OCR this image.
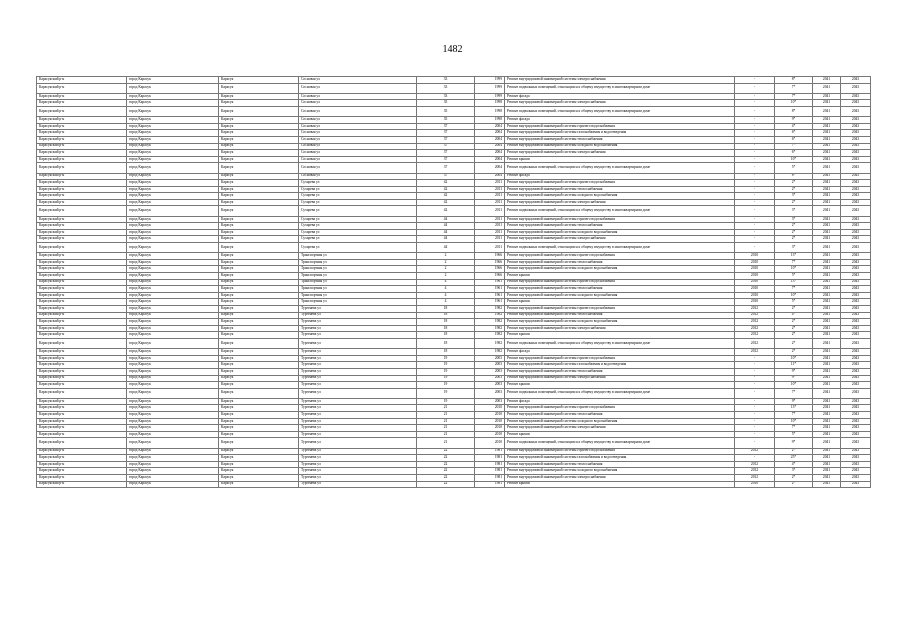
1482
Карасукский р-н	город Карасук	Карасук	Сосновая ул	33	1999	Ремонт внутридомовой инженерной системы электроснабжения	-	8*	2041	2043
Карасукский р-н	город Карасук	Карасук	Сосновая ул	33	1999	Ремонт подвальных помещений, относящихся к общему имуществу в многоквартирном доме	-	7*	2041	2043
Карасукский р-н	город Карасук	Карасук	Сосновая ул	33	1999	Ремонт фасада	-	7*	2041	2043
Карасукский р-н	город Карасук	Карасук	Сосновая ул	35	1998	Ремонт внутридомовой инженерной системы электроснабжения	-	10*	2041	2043
Карасукский р-н	город Карасук	Карасук	Сосновая ул	35	1998	Ремонт подвальных помещений, относящихся к общему имуществу в многоквартирном доме	-	8*	2041	2043
Карасукский р-н	город Карасук	Карасук	Сосновая ул	35	1998	Ремонт фасада	-	9*	2041	2043
Карасукский р-н	город Карасук	Карасук	Сосновая ул	37	2004	Ремонт внутридомовой инженерной системы горячего водоснабжения	-	4*	2041	2043
Карасукский р-н	город Карасук	Карасук	Сосновая ул	37	2004	Ремонт внутридомовой инженерной системы газоснабжения и водоотведения	-	6*	2041	2043
Карасукский р-н	город Карасук	Карасук	Сосновая ул	37	2004	Ремонт внутридомовой инженерной системы теплоснабжения	-	6*	2041	2043
Карасукский р-н	город Карасук	Карасук	Сосновая ул	37	2004	Ремонт внутридомовой инженерной системы холодного водоснабжения	-	7*	2041	2043
Карасукский р-н	город Карасук	Карасук	Сосновая ул	37	2004	Ремонт внутридомовой инженерной системы электроснабжения	-	6*	2041	2043
Карасукский р-н	город Карасук	Карасук	Сосновая ул	37	2004	Ремонт крыши	-	10*	2041	2043
Карасукский р-н	город Карасук	Карасук	Сосновая ул	37	2004	Ремонт подвальных помещений, относящихся к общему имуществу в многоквартирном доме	-	5*	2041	2043
Карасукский р-н	город Карасук	Карасук	Сосновая ул	37	2004	Ремонт фасада	-	8*	2041	2043
Карасукский р-н	город Карасук	Карасук	Сухарева ул	42	2011	Ремонт внутридомовой инженерной системы горячего водоснабжения	-	2*	2041	2043
Карасукский р-н	город Карасук	Карасук	Сухарева ул	42	2011	Ремонт внутридомовой инженерной системы теплоснабжения	-	2*	2041	2043
Карасукский р-н	город Карасук	Карасук	Сухарева ул	42	2011	Ремонт внутридомовой инженерной системы холодного водоснабжения	-	3*	2041	2043
Карасукский р-н	город Карасук	Карасук	Сухарева ул	42	2011	Ремонт внутридомовой инженерной системы электроснабжения	-	2*	2041	2043
Карасукский р-н	город Карасук	Карасук	Сухарева ул	42	2011	Ремонт подвальных помещений, относящихся к общему имуществу в многоквартирном доме	-	3*	2041	2043
Карасукский р-н	город Карасук	Карасук	Сухарева ул	44	2011	Ремонт внутридомовой инженерной системы горячего водоснабжения	-	3*	2041	2043
Карасукский р-н	город Карасук	Карасук	Сухарева ул	44	2011	Ремонт внутридомовой инженерной системы теплоснабжения	-	2*	2041	2043
Карасукский р-н	город Карасук	Карасук	Сухарева ул	44	2011	Ремонт внутридомовой инженерной системы холодного водоснабжения	-	2*	2041	2043
Карасукский р-н	город Карасук	Карасук	Сухарева ул	44	2011	Ремонт внутридомовой инженерной системы электроснабжения	-	2*	2041	2043
Карасукский р-н	город Карасук	Карасук	Сухарева ул	44	2011	Ремонт подвальных помещений, относящихся к общему имуществу в многоквартирном доме	-	3*	2041	2043
Карасукский р-н	город Карасук	Карасук	Транспортная ул	2	1966	Ремонт внутридомовой инженерной системы горячего водоснабжения	2010	13*	2041	2043
Карасукский р-н	город Карасук	Карасук	Транспортная ул	2	1966	Ремонт внутридомовой инженерной системы теплоснабжения	2010	7*	2041	2043
Карасукский р-н	город Карасук	Карасук	Транспортная ул	2	1966	Ремонт внутридомовой инженерной системы холодного водоснабжения	2010	10*	2041	2043
Карасукский р-н	город Карасук	Карасук	Транспортная ул	2	1966	Ремонт крыши	2010	5*	2041	2043
Карасукский р-н	город Карасук	Карасук	Транспортная ул	4	1961	Ремонт внутридомовой инженерной системы горячего водоснабжения	2010	13*	2041	2043
Карасукский р-н	город Карасук	Карасук	Транспортная ул	4	1961	Ремонт внутридомовой инженерной системы теплоснабжения	2010	7*	2041	2043
Карасукский р-н	город Карасук	Карасук	Транспортная ул	4	1961	Ремонт внутридомовой инженерной системы холодного водоснабжения	2010	10*	2041	2043
Карасукский р-н	город Карасук	Карасук	Транспортная ул	4	1961	Ремонт крыши	2010	5*	2041	2043
Карасукский р-н	город Карасук	Карасук	Тургенева ул	18	1982	Ремонт внутридомовой инженерной системы горячего водоснабжения	2012	2*	2041	2043
Карасукский р-н	город Карасук	Карасук	Тургенева ул	18	1982	Ремонт внутридомовой инженерной системы теплоснабжения	2012	4*	2041	2043
Карасукский р-н	город Карасук	Карасук	Тургенева ул	18	1982	Ремонт внутридомовой инженерной системы холодного водоснабжения	2012	2*	2041	2043
Карасукский р-н	город Карасук	Карасук	Тургенева ул	18	1982	Ремонт внутридомовой инженерной системы электроснабжения	2012	2*	2041	2043
Карасукский р-н	город Карасук	Карасук	Тургенева ул	18	1982	Ремонт крыши	2012	2*	2041	2043
Карасукский р-н	город Карасук	Карасук	Тургенева ул	18	1982	Ремонт подвальных помещений, относящихся к общему имуществу в многоквартирном доме	2012	2*	2041	2043
Карасукский р-н	город Карасук	Карасук	Тургенева ул	18	1982	Ремонт фасада	2012	2*	2041	2043
Карасукский р-н	город Карасук	Карасук	Тургенева ул	19	2003	Ремонт внутридомовой инженерной системы горячего водоснабжения	-	10*	2041	2043
Карасукский р-н	город Карасук	Карасук	Тургенева ул	19	2003	Ремонт внутридомовой инженерной системы газоснабжения и водоотведения	-	11*	2041	2043
Карасукский р-н	город Карасук	Карасук	Тургенева ул	19	2003	Ремонт внутридомовой инженерной системы теплоснабжения	-	9*	2041	2043
Карасукский р-н	город Карасук	Карасук	Тургенева ул	19	2003	Ремонт внутридомовой инженерной системы электроснабжения	-	9*	2041	2043
Карасукский р-н	город Карасук	Карасук	Тургенева ул	19	2003	Ремонт крыши	-	10*	2041	2043
Карасукский р-н	город Карасук	Карасук	Тургенева ул	19	2003	Ремонт подвальных помещений, относящихся к общему имуществу в многоквартирном доме	-	7*	2041	2043
Карасукский р-н	город Карасук	Карасук	Тургенева ул	19	2003	Ремонт фасада	-	9*	2041	2043
Карасукский р-н	город Карасук	Карасук	Тургенева ул	21	2010	Ремонт внутридомовой инженерной системы горячего водоснабжения	-	13*	2041	2043
Карасукский р-н	город Карасук	Карасук	Тургенева ул	21	2010	Ремонт внутридомовой инженерной системы теплоснабжения	-	7*	2041	2043
Карасукский р-н	город Карасук	Карасук	Тургенева ул	21	2010	Ремонт внутридомовой инженерной системы холодного водоснабжения	-	10*	2041	2043
Карасукский р-н	город Карасук	Карасук	Тургенева ул	21	2010	Ремонт внутридомовой инженерной системы электроснабжения	-	7*	2041	2043
Карасукский р-н	город Карасук	Карасук	Тургенева ул	21	2010	Ремонт крыши	-	5*	2041	2043
Карасукский р-н	город Карасук	Карасук	Тургенева ул	21	2010	Ремонт подвальных помещений, относящихся к общему имуществу в многоквартирном доме	-	9*	2041	2043
Карасукский р-н	город Карасук	Карасук	Тургенева ул	22	1981	Ремонт внутридомовой инженерной системы горячего водоснабжения	2012	2*	2041	2043
Карасукский р-н	город Карасук	Карасук	Тургенева ул	22	1981	Ремонт внутридомовой инженерной системы газоснабжения и водоотведения	-	25*	2041	2043
Карасукский р-н	город Карасук	Карасук	Тургенева ул	22	1981	Ремонт внутридомовой инженерной системы теплоснабжения	2012	4*	2041	2043
Карасукский р-н	город Карасук	Карасук	Тургенева ул	22	1981	Ремонт внутридомовой инженерной системы холодного водоснабжения	2012	3*	2041	2043
Карасукский р-н	город Карасук	Карасук	Тургенева ул	22	1981	Ремонт внутридомовой инженерной системы электроснабжения	2012	2*	2041	2043
Карасукский р-н	город Карасук	Карасук	Тургенева ул	22	1981	Ремонт крыши	2010	2*	2041	2043
